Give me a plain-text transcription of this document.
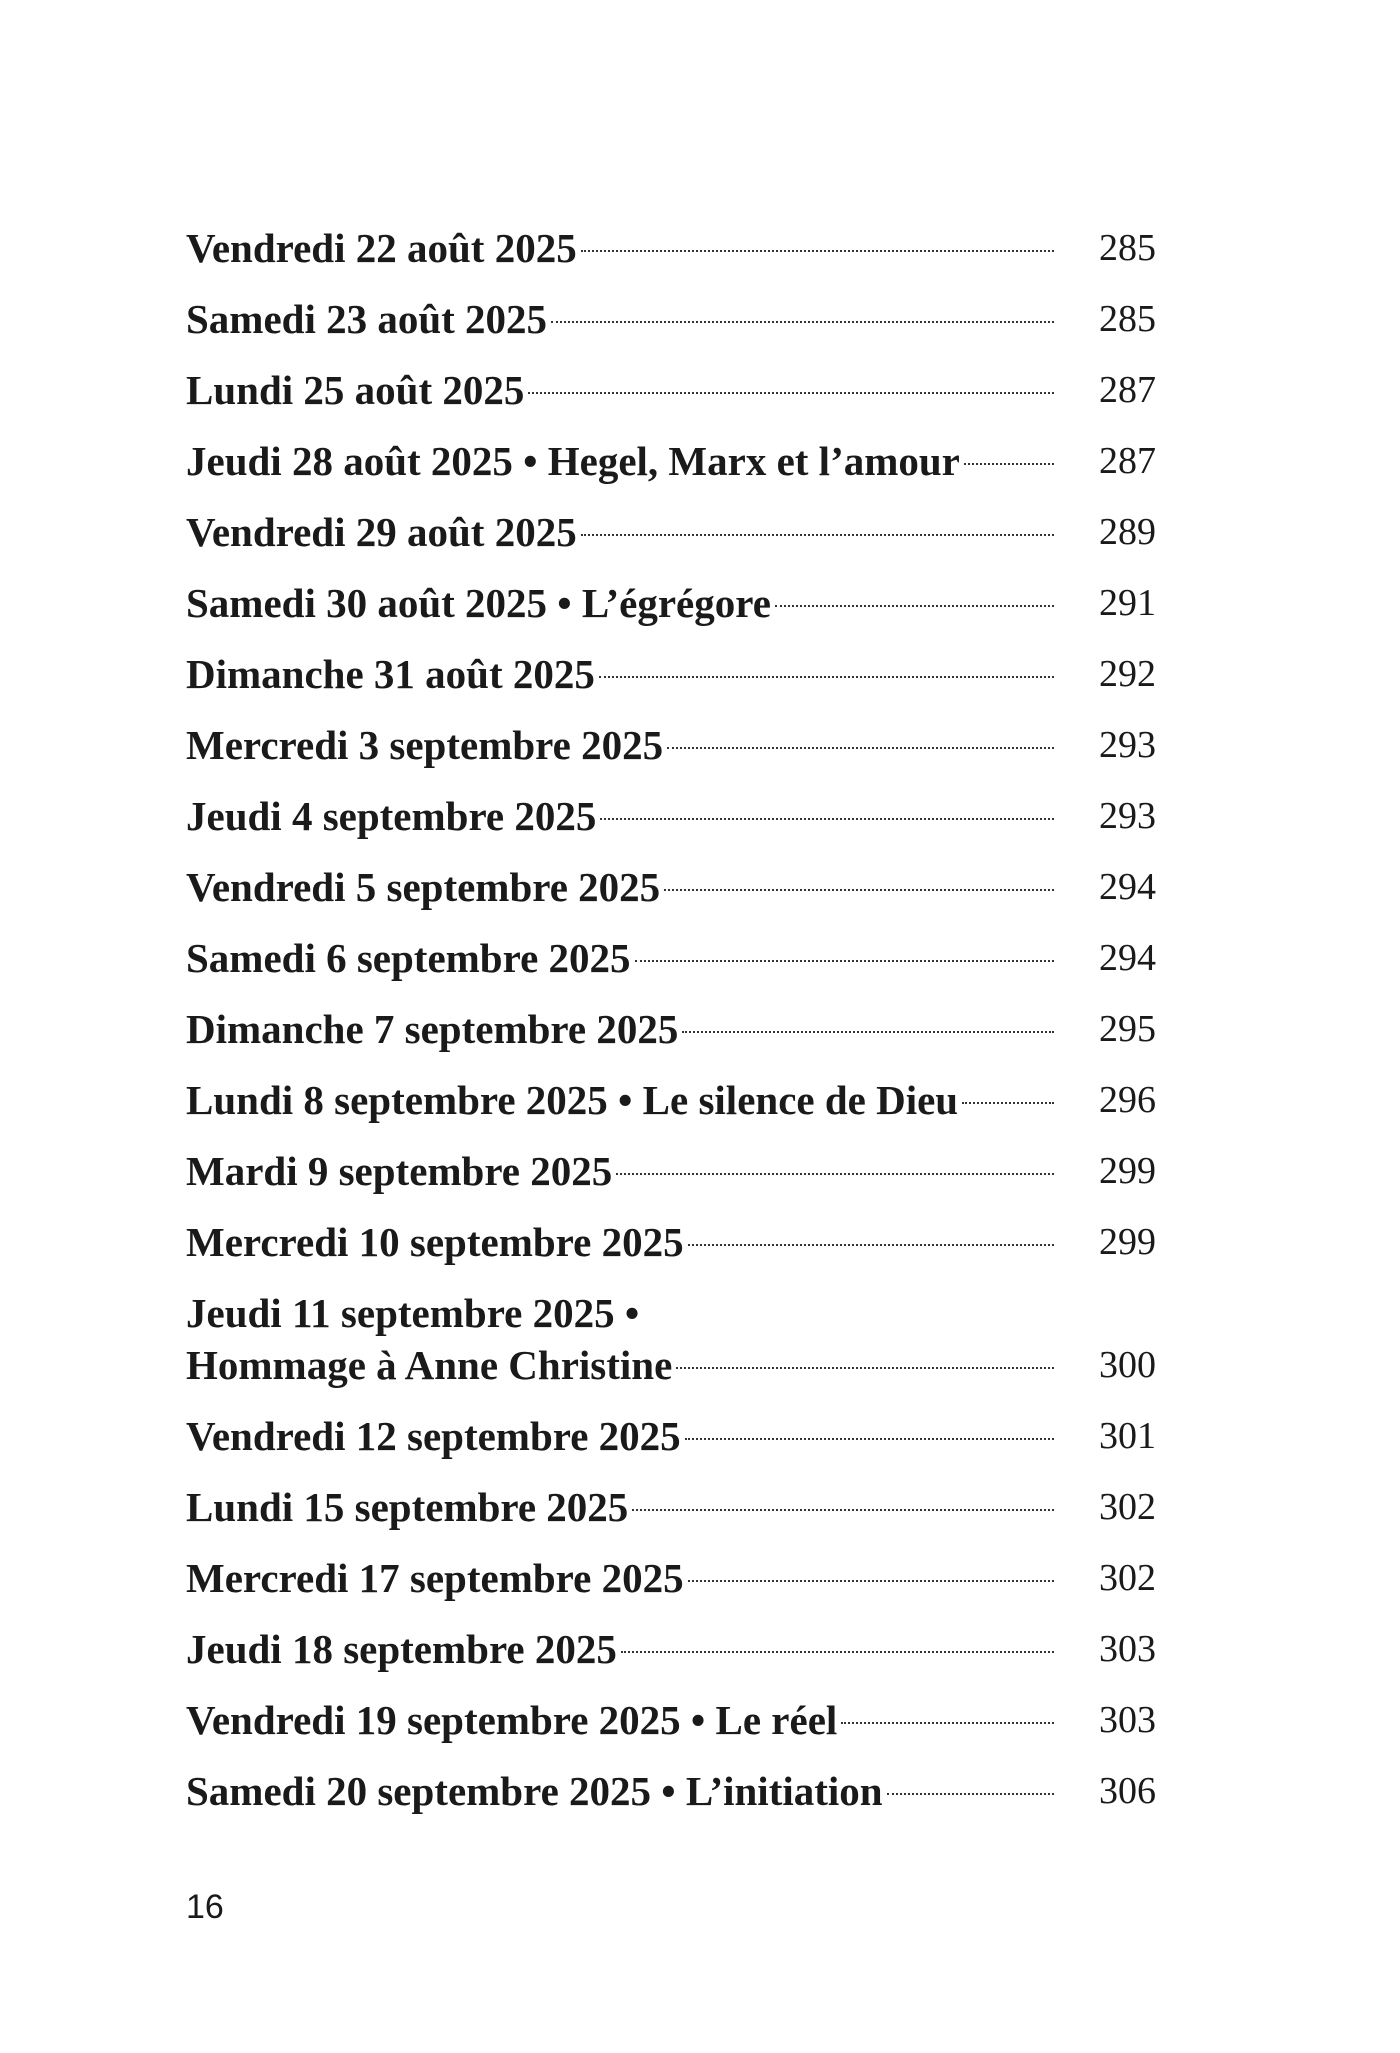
Vendredi 22 août 2025	285
Samedi 23 août 2025	285
Lundi 25 août 2025	287
Jeudi 28 août 2025 • Hegel, Marx et l’amour	287
Vendredi 29 août 2025	289
Samedi 30 août 2025 • L’égrégore	291
Dimanche 31 août 2025	292
Mercredi 3 septembre 2025	293
Jeudi 4 septembre 2025	293
Vendredi 5 septembre 2025	294
Samedi 6 septembre 2025	294
Dimanche 7 septembre 2025	295
Lundi 8 septembre 2025 • Le silence de Dieu	296
Mardi 9 septembre 2025	299
Mercredi 10 septembre 2025	299
Jeudi 11 septembre 2025 •
Hommage à Anne Christine	300
Vendredi 12 septembre 2025	301
Lundi 15 septembre 2025	302
Mercredi 17 septembre 2025	302
Jeudi 18 septembre 2025	303
Vendredi 19 septembre 2025 • Le réel	303
Samedi 20 septembre 2025 • L’initiation	306
16
